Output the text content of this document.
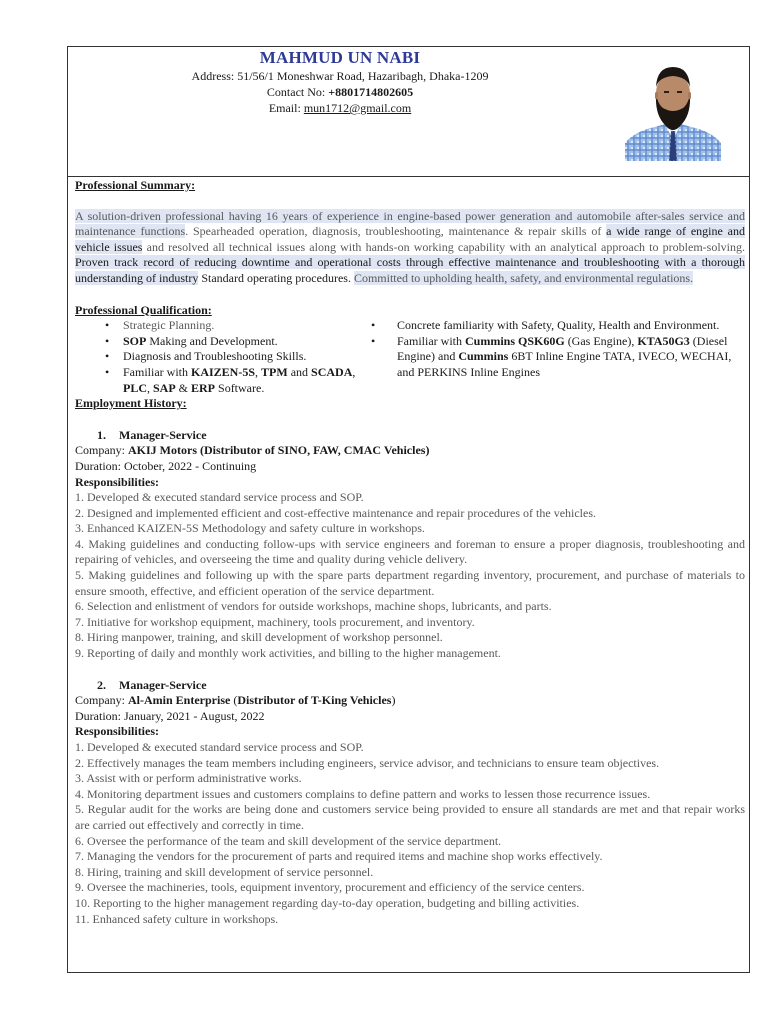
MAHMUD UN NABI
Address: 51/56/1 Moneshwar Road, Hazaribagh, Dhaka-1209
Contact No: +8801714802605
Email: mun1712@gmail.com
Professional Summary:
A solution-driven professional having 16 years of experience in engine-based power generation and automobile after-sales service and maintenance functions. Spearheaded operation, diagnosis, troubleshooting, maintenance & repair skills of a wide range of engine and vehicle issues and resolved all technical issues along with hands-on working capability with an analytical approach to problem-solving. Proven track record of reducing downtime and operational costs through effective maintenance and troubleshooting with a thorough understanding of industry Standard operating procedures. Committed to upholding health, safety, and environmental regulations.
Professional Qualification:
• Strategic Planning.
• SOP Making and Development.
• Diagnosis and Troubleshooting Skills.
• Familiar with KAIZEN-5S, TPM and SCADA, PLC, SAP & ERP Software.
• Concrete familiarity with Safety, Quality, Health and Environment.
• Familiar with Cummins QSK60G (Gas Engine), KTA50G3 (Diesel Engine) and Cummins 6BT Inline Engine TATA, IVECO, WECHAI, and PERKINS Inline Engines
Employment History:
1. Manager-Service
Company: AKIJ Motors (Distributor of SINO, FAW, CMAC Vehicles)
Duration: October, 2022 - Continuing
Responsibilities:
1. Developed & executed standard service process and SOP.
2. Designed and implemented efficient and cost-effective maintenance and repair procedures of the vehicles.
3. Enhanced KAIZEN-5S Methodology and safety culture in workshops.
4. Making guidelines and conducting follow-ups with service engineers and foreman to ensure a proper diagnosis, troubleshooting and repairing of vehicles, and overseeing the time and quality during vehicle delivery.
5. Making guidelines and following up with the spare parts department regarding inventory, procurement, and purchase of materials to ensure smooth, effective, and efficient operation of the service department.
6. Selection and enlistment of vendors for outside workshops, machine shops, lubricants, and parts.
7. Initiative for workshop equipment, machinery, tools procurement, and inventory.
8. Hiring manpower, training, and skill development of workshop personnel.
9. Reporting of daily and monthly work activities, and billing to the higher management.
2. Manager-Service
Company: Al-Amin Enterprise (Distributor of T-King Vehicles)
Duration: January, 2021 - August, 2022
Responsibilities:
1. Developed & executed standard service process and SOP.
2. Effectively manages the team members including engineers, service advisor, and technicians to ensure team objectives.
3. Assist with or perform administrative works.
4. Monitoring department issues and customers complains to define pattern and works to lessen those recurrence issues.
5. Regular audit for the works are being done and customers service being provided to ensure all standards are met and that repair works are carried out effectively and correctly in time.
6. Oversee the performance of the team and skill development of the service department.
7. Managing the vendors for the procurement of parts and required items and machine shop works effectively.
8. Hiring, training and skill development of service personnel.
9. Oversee the machineries, tools, equipment inventory, procurement and efficiency of the service centers.
10. Reporting to the higher management regarding day-to-day operation, budgeting and billing activities.
11. Enhanced safety culture in workshops.
